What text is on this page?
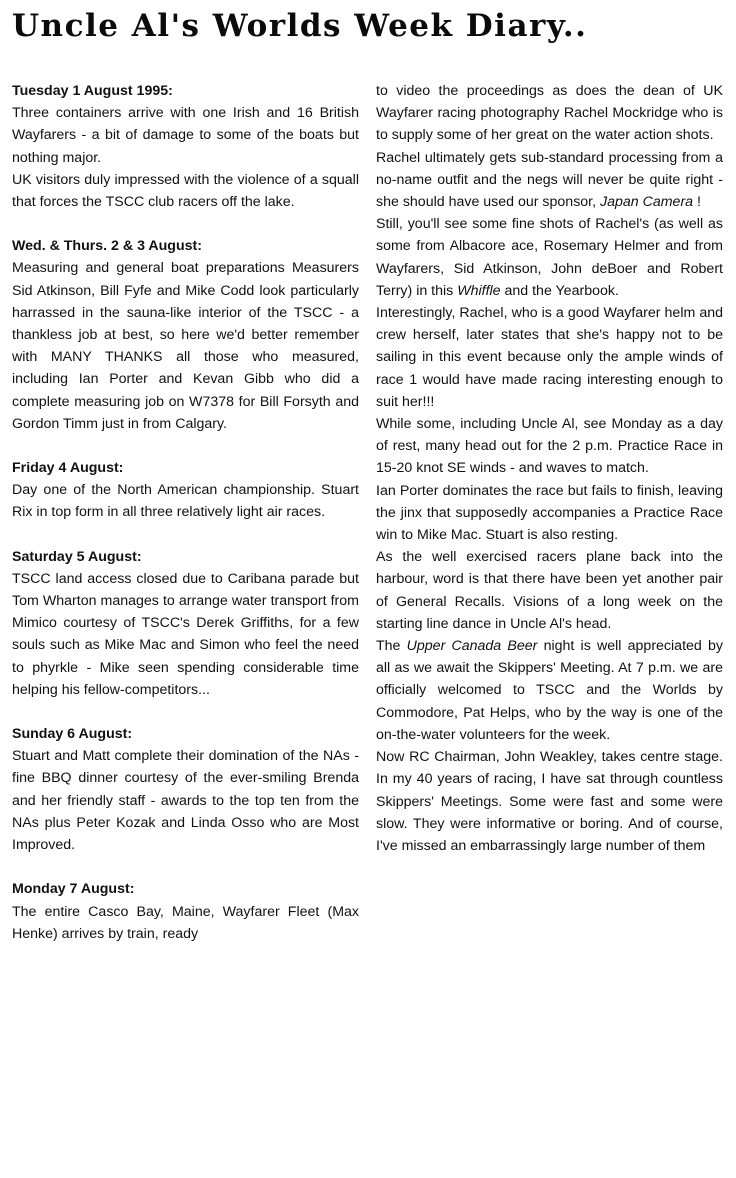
Uncle Al's Worlds Week Diary..

Tuesday 1 August 1995:

Three containers arrive with one Irish and 16 British Wayfarers - a bit of damage to some of the boats but nothing major.

UK visitors duly impressed with the violence of a squall that forces the TSCC club racers off the lake.

Wed. & Thurs. 2 & 3 August:

Measuring and general boat preparations Measurers Sid Atkinson, Bill Fyfe and Mike Codd look particularly harrassed in the sauna-like interior of the TSCC - a thankless job at best, so here we'd better remember with MANY THANKS all those who measured, including Ian Porter and Kevan Gibb who did a complete measuring job on W7378 for Bill Forsyth and Gordon Timm just in from Calgary.

Friday 4 August:

Day one of the North American championship. Stuart Rix in top form in all three relatively light air races.

Saturday 5 August:

TSCC land access closed due to Caribana parade but Tom Wharton manages to arrange water transport from Mimico courtesy of TSCC's Derek Griffiths, for a few souls such as Mike Mac and Simon who feel the need to phyrkle - Mike seen spending considerable time helping his fellow-competitors...

Sunday 6 August:

Stuart and Matt complete their domination of the NAs - fine BBQ dinner courtesy of the ever-smiling Brenda and her friendly staff - awards to the top ten from the NAs plus Peter Kozak and Linda Osso who are Most Improved.

Monday 7 August:

The entire Casco Bay, Maine, Wayfarer Fleet (Max Henke) arrives by train, ready

to video the proceedings as does the dean of UK Wayfarer racing photography Rachel Mockridge who is to supply some of her great on the water action shots.

Rachel ultimately gets sub-standard processing from a no-name outfit and the negs will never be quite right - she should have used our sponsor, Japan Camera !

Still, you'll see some fine shots of Rachel's (as well as some from Albacore ace, Rosemary Helmer and from Wayfarers, Sid Atkinson, John deBoer and Robert Terry) in this Whiffle and the Yearbook.

Interestingly, Rachel, who is a good Wayfarer helm and crew herself, later states that she's happy not to be sailing in this event because only the ample winds of race 1 would have made racing interesting enough to suit her!!!

While some, including Uncle Al, see Monday as a day of rest, many head out for the 2 p.m. Practice Race in 15-20 knot SE winds - and waves to match.

Ian Porter dominates the race but fails to finish, leaving the jinx that supposedly accompanies a Practice Race win to Mike Mac. Stuart is also resting.

As the well exercised racers plane back into the harbour, word is that there have been yet another pair of General Recalls. Visions of a long week on the starting line dance in Uncle Al's head.

The Upper Canada Beer night is well appreciated by all as we await the Skippers' Meeting. At 7 p.m. we are officially welcomed to TSCC and the Worlds by Commodore, Pat Helps, who by the way is one of the on-the-water volunteers for the week.

Now RC Chairman, John Weakley, takes centre stage. In my 40 years of racing, I have sat through countless Skippers' Meetings. Some were fast and some were slow. They were informative or boring. And of course, I've missed an embarrassingly large number of them
